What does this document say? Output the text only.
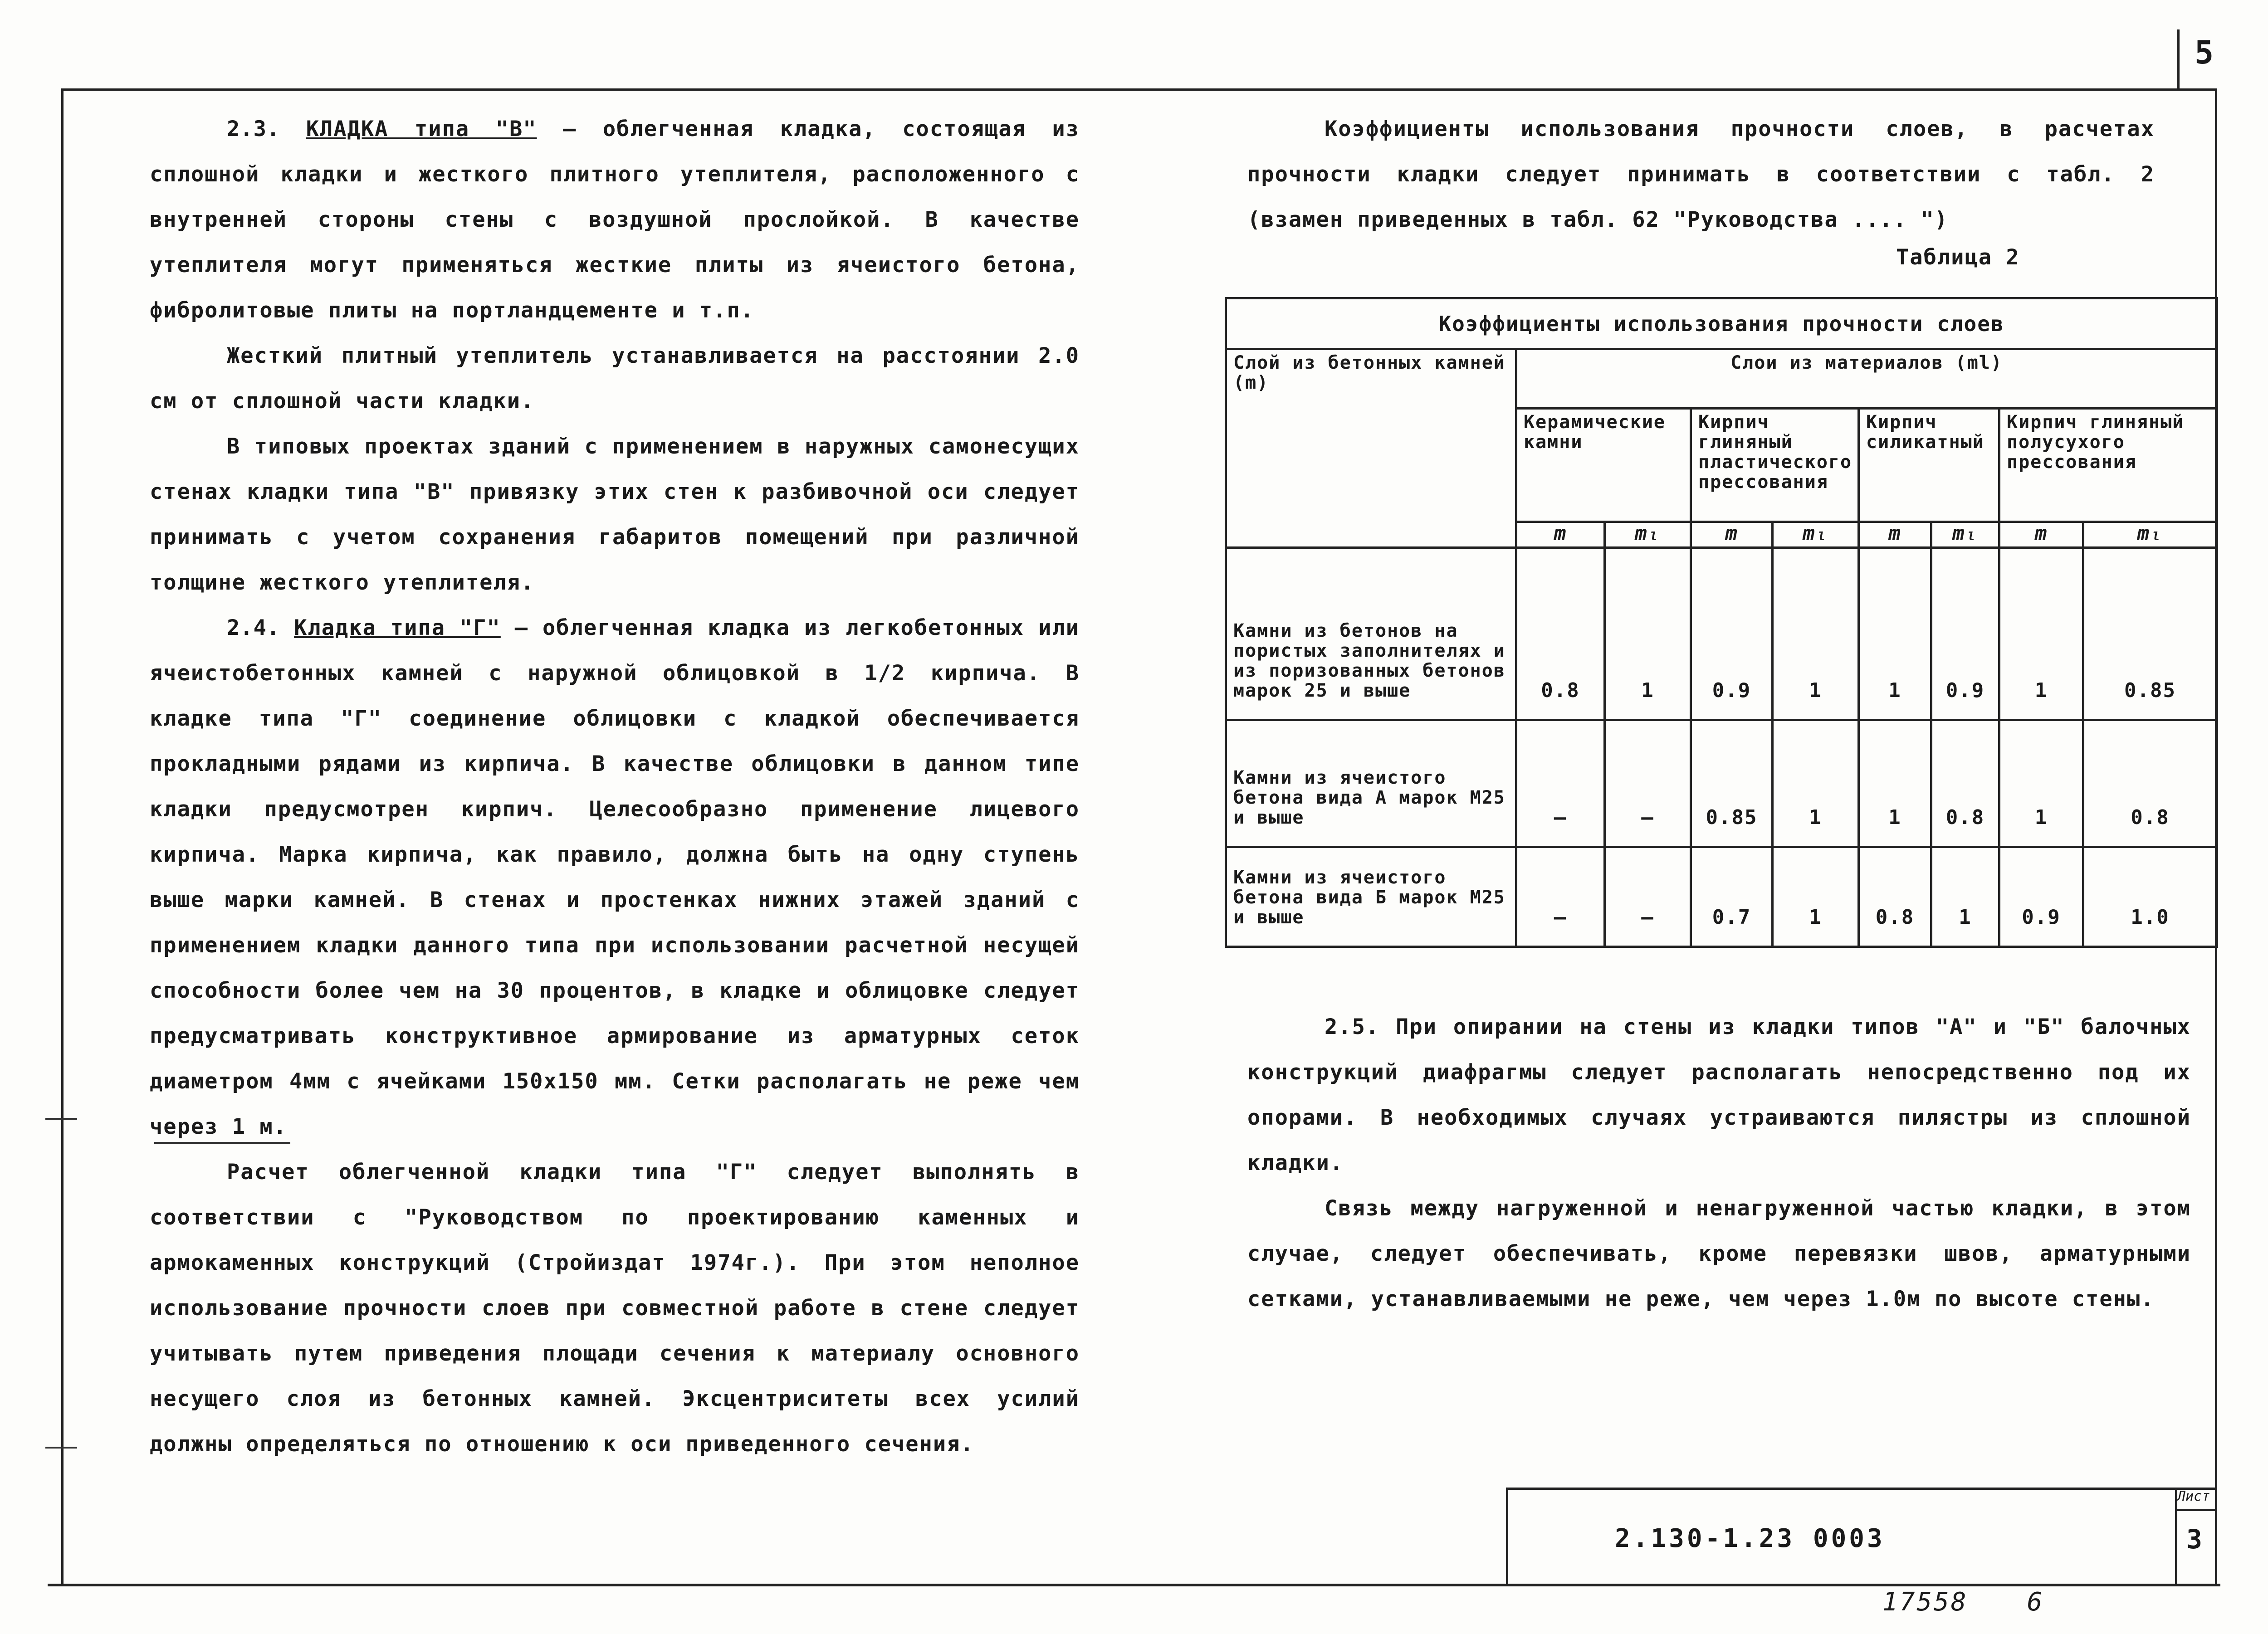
5

2.3. КЛАДКА типа "В" – облегченная кладка, состоящая из сплошной кладки и жесткого плитного утеплителя, расположенного с внутренней стороны стены с воздушной прослойкой. В качестве утеплителя могут применяться жесткие плиты из ячеистого бетона, фибролитовые плиты на портландцементе и т.п.

Жесткий плитный утеплитель устанавливается на расстоянии 2.0 см от сплошной части кладки.

В типовых проектах зданий с применением в наружных самонесущих стенах кладки типа "В" привязку этих стен к разбивочной оси следует принимать с учетом сохранения габаритов помещений при различной толщине жесткого утеплителя.

2.4. Кладка типа "Г" – облегченная кладка из легкобетонных или ячеистобетонных камней с наружной облицовкой в 1/2 кирпича. В кладке типа "Г" соединение облицовки с кладкой обеспечивается прокладными рядами из кирпича. В качестве облицовки в данном типе кладки предусмотрен кирпич. Целесообразно применение лицевого кирпича. Марка кирпича, как правило, должна быть на одну ступень выше марки камней. В стенах и простенках нижних этажей зданий с применением кладки данного типа при использовании расчетной несущей способности более чем на 30 процентов, в кладке и облицовке следует предусматривать конструктивное армирование из арматурных сеток диаметром 4мм с ячейками 150х150 мм. Сетки располагать не реже чем через 1 м.

Расчет облегченной кладки типа "Г" следует выполнять в соответствии с "Руководством по проектированию каменных и армокаменных конструкций (Стройиздат 1974г.). При этом неполное использование прочности слоев при совместной работе в стене следует учитывать путем приведения площади сечения к материалу основного несущего слоя из бетонных камней. Эксцентриситеты всех усилий должны определяться по отношению к оси приведенного сечения.

Коэффициенты использования прочности слоев, в расчетах прочности кладки следует принимать в соответствии с табл. 2 (взамен приведенных в табл. 62 "Руководства .... ")

Таблица 2
Коэффициенты использования прочности слоев								
Слой из бетонных камней (m)	Слои из материалов (ml)							
	Керамические камни		Кирпич глиняный пластического прессования		Кирпич силикатный		Кирпич глиняный полусухого прессования	
	m	mₗ	m	mₗ	m	mₗ	m	mₗ
Камни из бетонов на пористых заполнителях и из поризованных бетонов марок 25 и выше	0.8	1	0.9	1	1	0.9	1	0.85
Камни из ячеистого бетона вида А марок М25 и выше	—	—	0.85	1	1	0.8	1	0.8
Камни из ячеистого бетона вида Б марок М25 и выше	—	—	0.7	1	0.8	1	0.9	1.0

2.5. При опирании на стены из кладки типов "А" и "Б" балочных конструкций диафрагмы следует располагать непосредственно под их опорами. В необходимых случаях устраиваются пилястры из сплошной кладки.

Связь между нагруженной и ненагруженной частью кладки, в этом случае, следует обеспечивать, кроме перевязки швов, арматурными сетками, устанавливаемыми не реже, чем через 1.0м по высоте стены.

2.130-1.23 0003
Лист
3
17558 6
